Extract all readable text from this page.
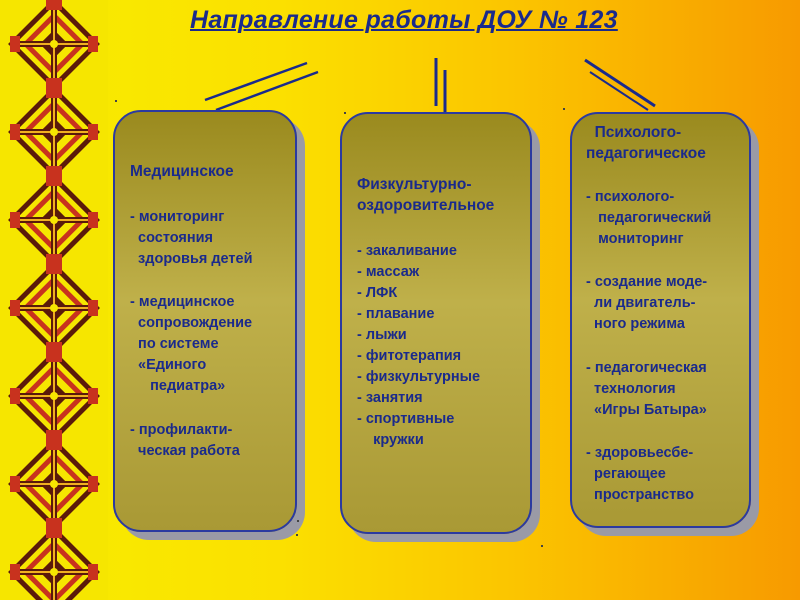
Направление работы ДОУ № 123
Медицинское
- мониторинг
состояния
здоровья детей
- медицинское
сопровождение
по системе
«Единого
педиатра»
- профилакти-
ческая работа
Физкультурно-
оздоровительное
- закаливание
- массаж
- ЛФК
- плавание
- лыжи
- фитотерапия
- физкультурные
- занятия
- спортивные
кружки
Психолого-
педагогическое
- психолого-
педагогический
мониторинг
- создание моде-
ли двигатель-
ного режима
- педагогическая
технология
«Игры Батыра»
- здоровьесбе-
регающее
пространство
